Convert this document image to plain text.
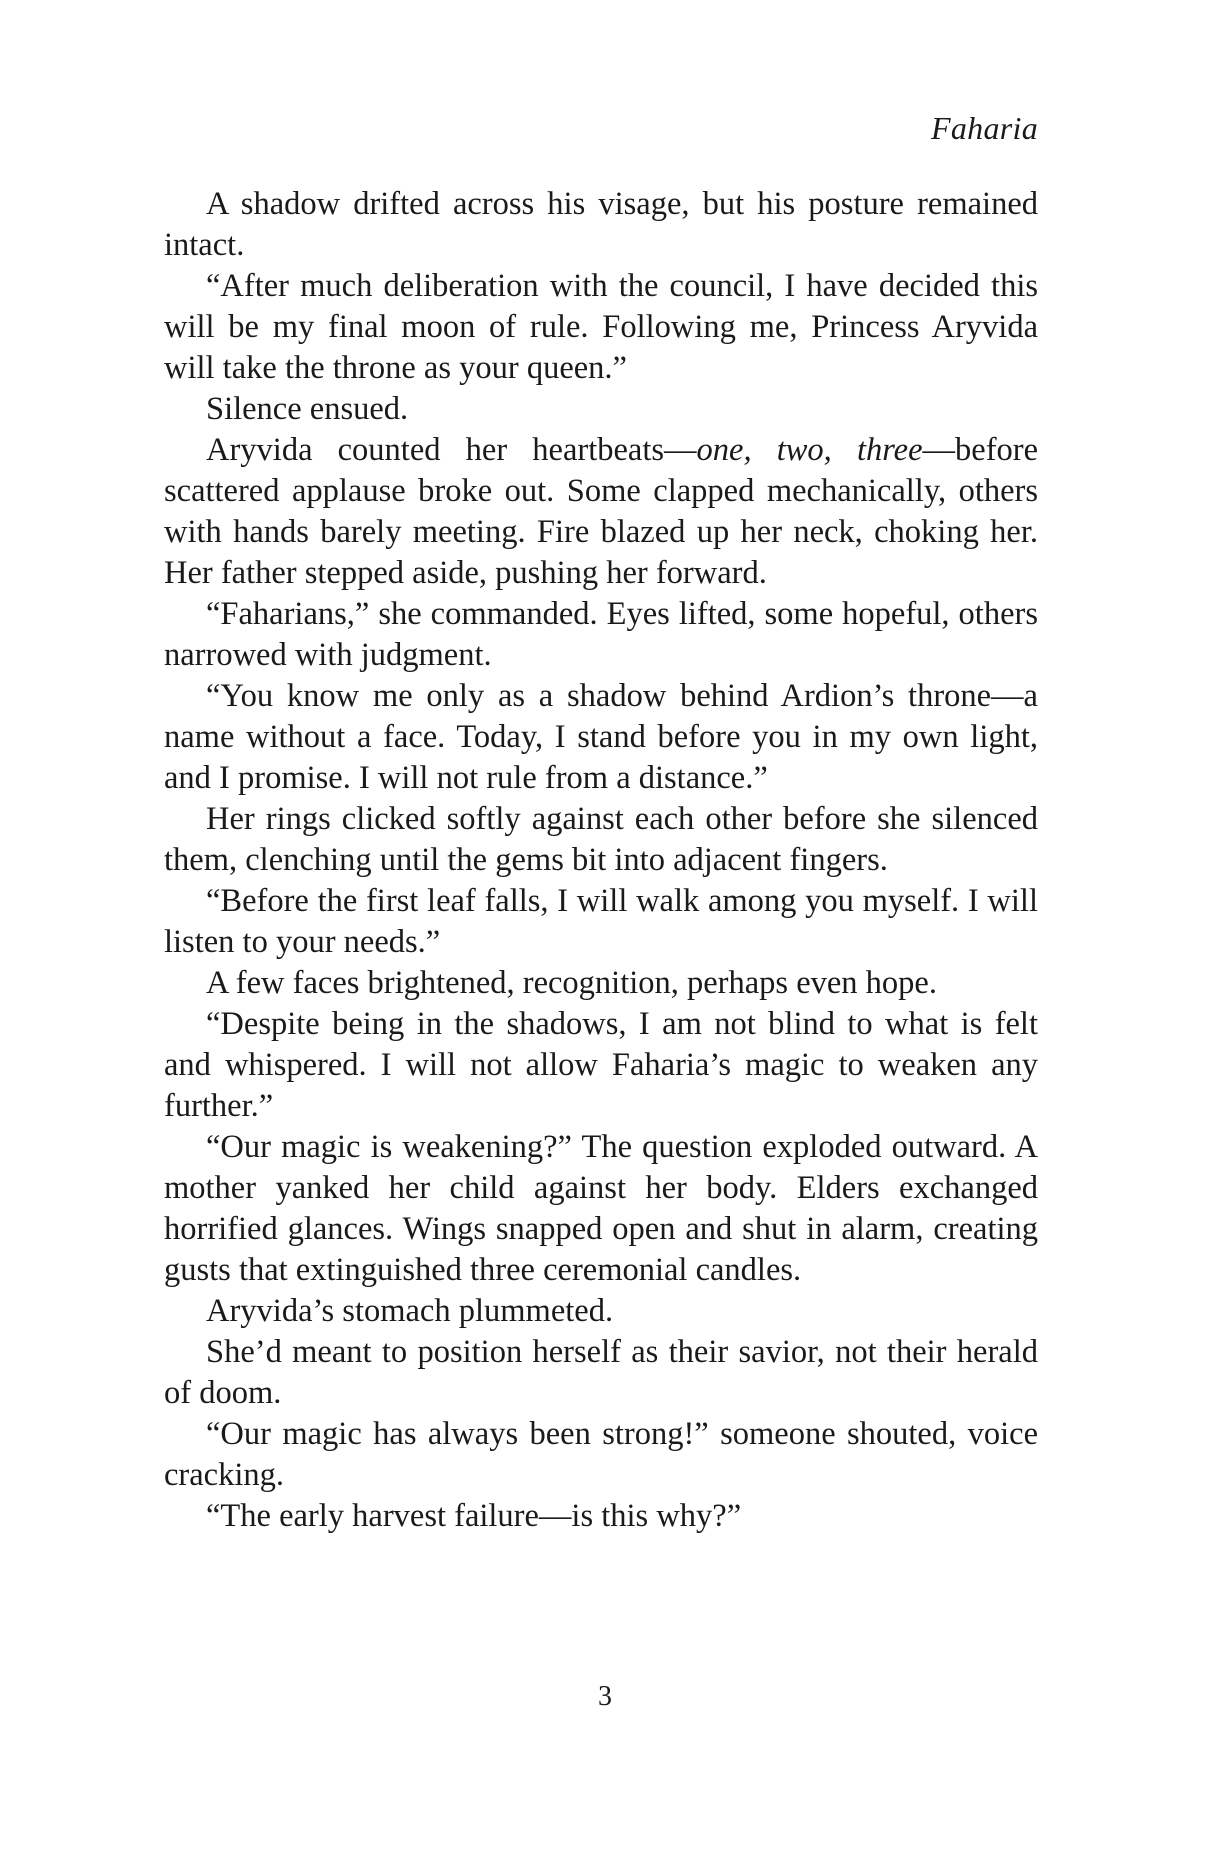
Faharia

A shadow drifted across his visage, but his posture remained intact.

“After much deliberation with the council, I have decided this will be my final moon of rule. Following me, Princess Aryvida will take the throne as your queen.”

Silence ensued.

Aryvida counted her heartbeats—one, two, three—before scattered applause broke out. Some clapped mechanically, others with hands barely meeting. Fire blazed up her neck, choking her. Her father stepped aside, pushing her forward.

“Faharians,” she commanded. Eyes lifted, some hopeful, others narrowed with judgment.

“You know me only as a shadow behind Ardion’s throne—a name without a face. Today, I stand before you in my own light, and I promise. I will not rule from a distance.”

Her rings clicked softly against each other before she silenced them, clenching until the gems bit into adjacent fingers.

“Before the first leaf falls, I will walk among you myself. I will listen to your needs.”

A few faces brightened, recognition, perhaps even hope.

“Despite being in the shadows, I am not blind to what is felt and whispered. I will not allow Faharia’s magic to weaken any further.”

“Our magic is weakening?” The question exploded outward. A mother yanked her child against her body. Elders exchanged horrified glances. Wings snapped open and shut in alarm, creating gusts that extinguished three ceremonial candles.

Aryvida’s stomach plummeted.

She’d meant to position herself as their savior, not their herald of doom.

“Our magic has always been strong!” someone shouted, voice cracking.

“The early harvest failure—is this why?”

3
